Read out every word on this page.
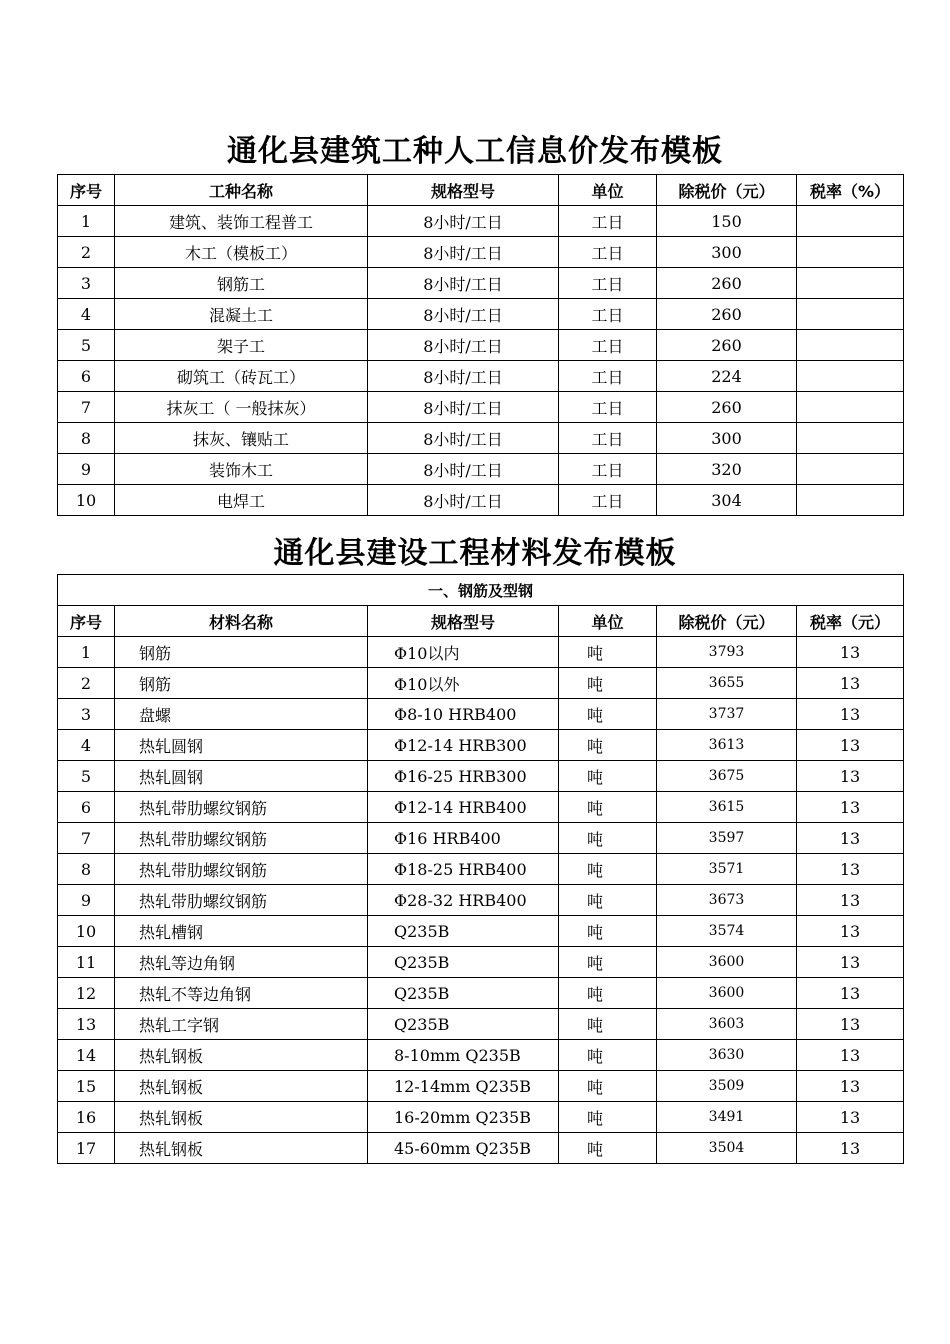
通化县建筑工种人工信息价发布模板
序号	工种名称	规格型号	单位	除税价（元）	税率（%）
1	建筑、装饰工程普工	8小时/工日	工日	150	
2	木工（模板工）	8小时/工日	工日	300	
3	钢筋工	8小时/工日	工日	260	
4	混凝土工	8小时/工日	工日	260	
5	架子工	8小时/工日	工日	260	
6	砌筑工（砖瓦工）	8小时/工日	工日	224	
7	抹灰工（ 一般抹灰）	8小时/工日	工日	260	
8	抹灰、镶贴工	8小时/工日	工日	300	
9	装饰木工	8小时/工日	工日	320	
10	电焊工	8小时/工日	工日	304	
通化县建设工程材料发布模板
一、钢筋及型钢					
序号	材料名称	规格型号	单位	除税价（元）	税率（元）
1	钢筋	Φ10以内	吨	3793	13
2	钢筋	Φ10以外	吨	3655	13
3	盘螺	Φ8-10 HRB400	吨	3737	13
4	热轧圆钢	Φ12-14 HRB300	吨	3613	13
5	热轧圆钢	Φ16-25 HRB300	吨	3675	13
6	热轧带肋螺纹钢筋	Φ12-14 HRB400	吨	3615	13
7	热轧带肋螺纹钢筋	Φ16 HRB400	吨	3597	13
8	热轧带肋螺纹钢筋	Φ18-25 HRB400	吨	3571	13
9	热轧带肋螺纹钢筋	Φ28-32 HRB400	吨	3673	13
10	热轧槽钢	Q235B	吨	3574	13
11	热轧等边角钢	Q235B	吨	3600	13
12	热轧不等边角钢	Q235B	吨	3600	13
13	热轧工字钢	Q235B	吨	3603	13
14	热轧钢板	8-10mm Q235B	吨	3630	13
15	热轧钢板	12-14mm Q235B	吨	3509	13
16	热轧钢板	16-20mm Q235B	吨	3491	13
17	热轧钢板	45-60mm Q235B	吨	3504	13
